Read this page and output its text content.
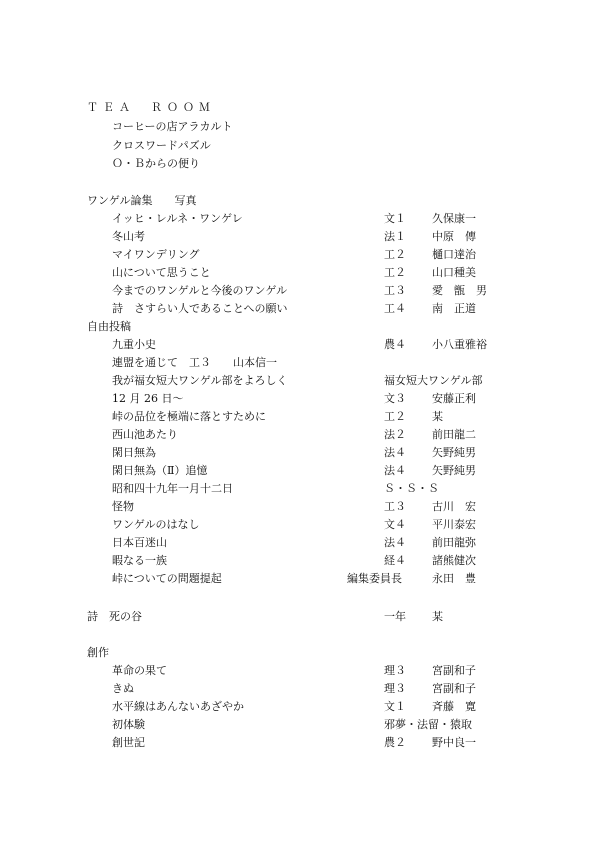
ＴＥＡ　ＲＯＯＭ
コーヒーの店アラカルト
クロスワードパズル
Ｏ・Ｂからの便り
ワンゲル論集　　写真
イッヒ・レルネ・ワンゲレ	文１ 久保康一
冬山考	法１ 中原　傳
マイワンデリング	工２ 樋口達治
山について思うこと	工２ 山口種美
今までのワンゲルと今後のワンゲル	工３ 愛　甑　男
詩　さすらい人であることへの願い	工４ 南　正道
自由投稿
九重小史	農４ 小八重雅裕
連盟を通じて　工３　　山本信一
我が福女短大ワンゲル部をよろしく	福女短大ワンゲル部
12 月 26 日～	文３ 安藤正利
峠の品位を極端に落とすために	工２ 某
西山池あたり	法２ 前田龍二
閑日無為	法４ 矢野純男
閑日無為（Ⅱ）追憶	法４ 矢野純男
昭和四十九年一月十二日	Ｓ・Ｓ・Ｓ
怪物	工３ 古川　宏
ワンゲルのはなし	文４ 平川泰宏
日本百迷山	法４ 前田龍弥
暇なる一族	経４ 諸熊健次
峠についての問題提起	編集委員長	永田　豊
詩　死の谷	一年 某
創作
革命の果て	理３ 宮副和子
きぬ	理３ 宮副和子
水平線はあんないあざやか	文１ 斉藤　寛
初体験	邪夢・法留・猿取
創世記	農２ 野中良一
